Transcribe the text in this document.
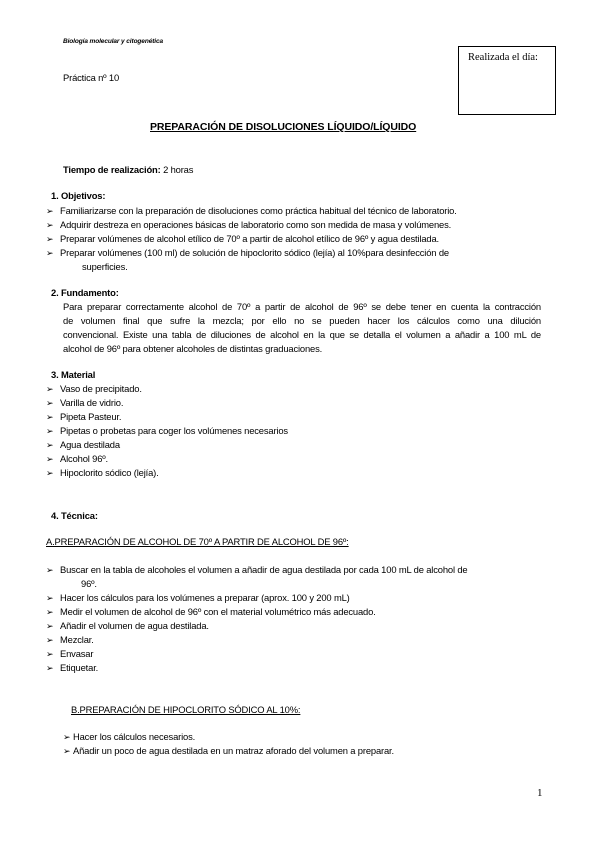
Biología molecular y citogenética
Realizada el día:
Práctica nº 10
PREPARACIÓN DE DISOLUCIONES LÍQUIDO/LÍQUIDO
Tiempo de realización: 2 horas
1. Objetivos:
➢ Familiarizarse con la preparación de disoluciones como práctica habitual del técnico de laboratorio.
➢ Adquirir destreza en operaciones básicas de laboratorio como son medida de masa y volúmenes.
➢ Preparar volúmenes de alcohol etílico de 70º a partir de alcohol etílico de 96º y agua destilada.
➢ Preparar volúmenes (100 ml) de solución de hipoclorito sódico (lejía) al 10%para desinfección de
superficies.
2. Fundamento:
Para preparar correctamente alcohol de 70º a partir de alcohol de 96º se debe tener en cuenta la contracción
de volumen final que sufre la mezcla; por ello no se pueden hacer los cálculos como una dilución
convencional. Existe una tabla de diluciones de alcohol en la que se detalla el volumen a añadir a 100 mL de
alcohol de 96º para obtener alcoholes de distintas graduaciones.
3. Material
➢ Vaso de precipitado.
➢ Varilla de vidrio.
➢ Pipeta Pasteur.
➢ Pipetas o probetas para coger los volúmenes necesarios
➢ Agua destilada
➢ Alcohol 96º.
➢ Hipoclorito sódico (lejía).
4. Técnica:
A.PREPARACIÓN DE ALCOHOL DE 70º A PARTIR DE ALCOHOL DE 96º:
➢ Buscar en la tabla de alcoholes el volumen a añadir de agua destilada por cada 100 mL de alcohol de
96º.
➢ Hacer los cálculos para los volúmenes a preparar (aprox. 100 y 200 mL)
➢ Medir el volumen de alcohol de 96º con el material volumétrico más adecuado.
➢ Añadir el volumen de agua destilada.
➢ Mezclar.
➢ Envasar
➢ Etiquetar.
B.PREPARACIÓN DE HIPOCLORITO SÓDICO AL 10%:
➢ Hacer los cálculos necesarios.
➢ Añadir un poco de agua destilada en un matraz aforado del volumen a preparar.
1
